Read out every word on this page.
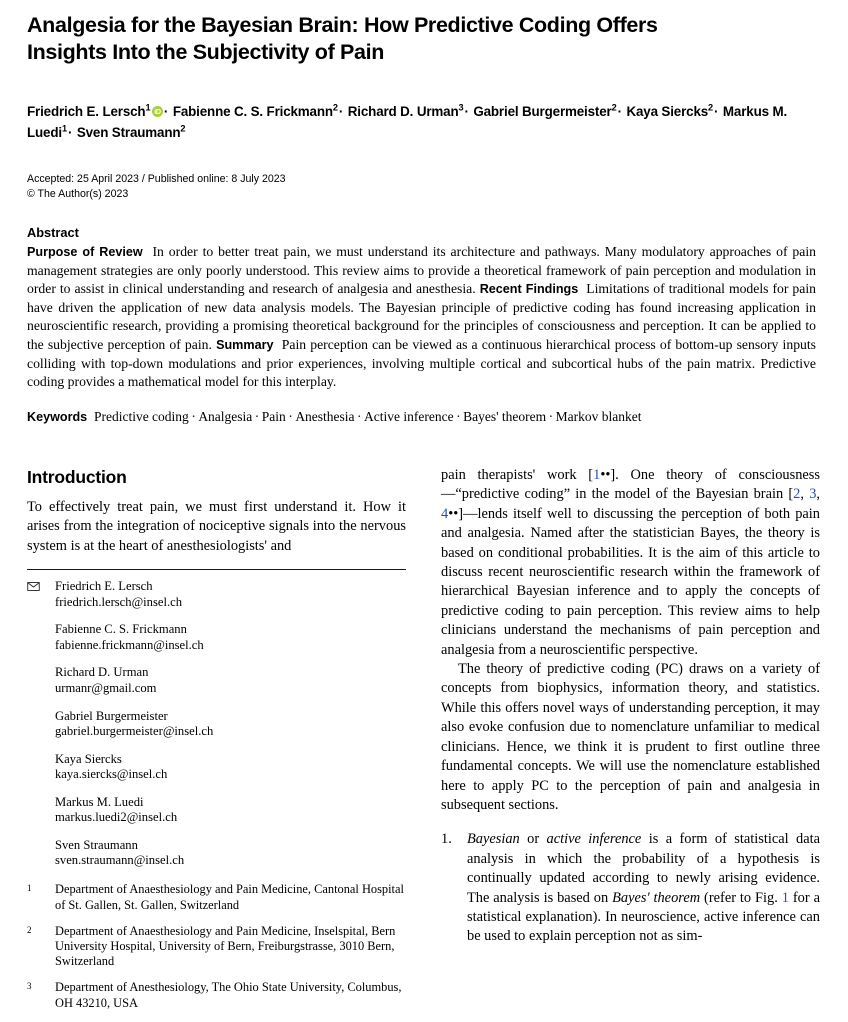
Analgesia for the Bayesian Brain: How Predictive Coding Offers Insights Into the Subjectivity of Pain
Friedrich E. Lersch$^1$ iD · Fabienne C. S. Frickmann$^2$· Richard D. Urman$^3$· Gabriel Burgermeister$^2$· Kaya Siercks$^2$· Markus M. Luedi$^1$· Sven Straumann$^2$
Accepted: 25 April 2023 / Published online: 8 July 2023
© The Author(s) 2023
Abstract

Purpose of Review In order to better treat pain, we must understand its architecture and pathways. Many modulatory approaches of pain management strategies are only poorly understood. This review aims to provide a theoretical framework of pain perception and modulation in order to assist in clinical understanding and research of analgesia and anesthesia. Recent Findings Limitations of traditional models for pain have driven the application of new data analysis models. The Bayesian principle of predictive coding has found increasing application in neuroscientific research, providing a promising theoretical background for the principles of consciousness and perception. It can be applied to the subjective perception of pain. Summary Pain perception can be viewed as a continuous hierarchical process of bottom-up sensory inputs colliding with top-down modulations and prior experiences, involving multiple cortical and subcortical hubs of the pain matrix. Predictive coding provides a mathematical model for this interplay.

Keywords Predictive coding · Analgesia · Pain · Anesthesia · Active inference · Bayes' theorem · Markov blanket
Introduction

To effectively treat pain, we must first understand it. How it arises from the integration of nociceptive signals into the nervous system is at the heart of anesthesiologists' and

Friedrich E. Lersch
friedrich.lersch@insel.ch
Fabienne C. S. Frickmann
fabienne.frickmann@insel.ch
Richard D. Urman
urmanr@gmail.com
Gabriel Burgermeister
gabriel.burgermeister@insel.ch
Kaya Siercks
kaya.siercks@insel.ch
Markus M. Luedi
markus.luedi2@insel.ch
Sven Straumann
sven.straumann@insel.ch
1 Department of Anaesthesiology and Pain Medicine, Cantonal Hospital of St. Gallen, St. Gallen, Switzerland
2 Department of Anaesthesiology and Pain Medicine, Inselspital, Bern University Hospital, University of Bern, Freiburgstrasse, 3010 Bern, Switzerland
3 Department of Anesthesiology, The Ohio State University, Columbus, OH 43210, USA

pain therapists' work [1••]. One theory of consciousness—“predictive coding” in the model of the Bayesian brain [2, 3, 4••]—lends itself well to discussing the perception of both pain and analgesia. Named after the statistician Bayes, the theory is based on conditional probabilities. It is the aim of this article to discuss recent neuroscientific research within the framework of hierarchical Bayesian inference and to apply the concepts of predictive coding to pain perception. This review aims to help clinicians understand the mechanisms of pain perception and analgesia from a neuroscientific perspective.

The theory of predictive coding (PC) draws on a variety of concepts from biophysics, information theory, and statistics. While this offers novel ways of understanding perception, it may also evoke confusion due to nomenclature unfamiliar to medical clinicians. Hence, we think it is prudent to first outline three fundamental concepts. We will use the nomenclature established here to apply PC to the perception of pain and analgesia in subsequent sections.

1. Bayesian or active inference is a form of statistical data analysis in which the probability of a hypothesis is continually updated according to newly arising evidence. The analysis is based on Bayes' theorem (refer to Fig. 1 for a statistical explanation). In neuroscience, active inference can be used to explain perception not as sim-
